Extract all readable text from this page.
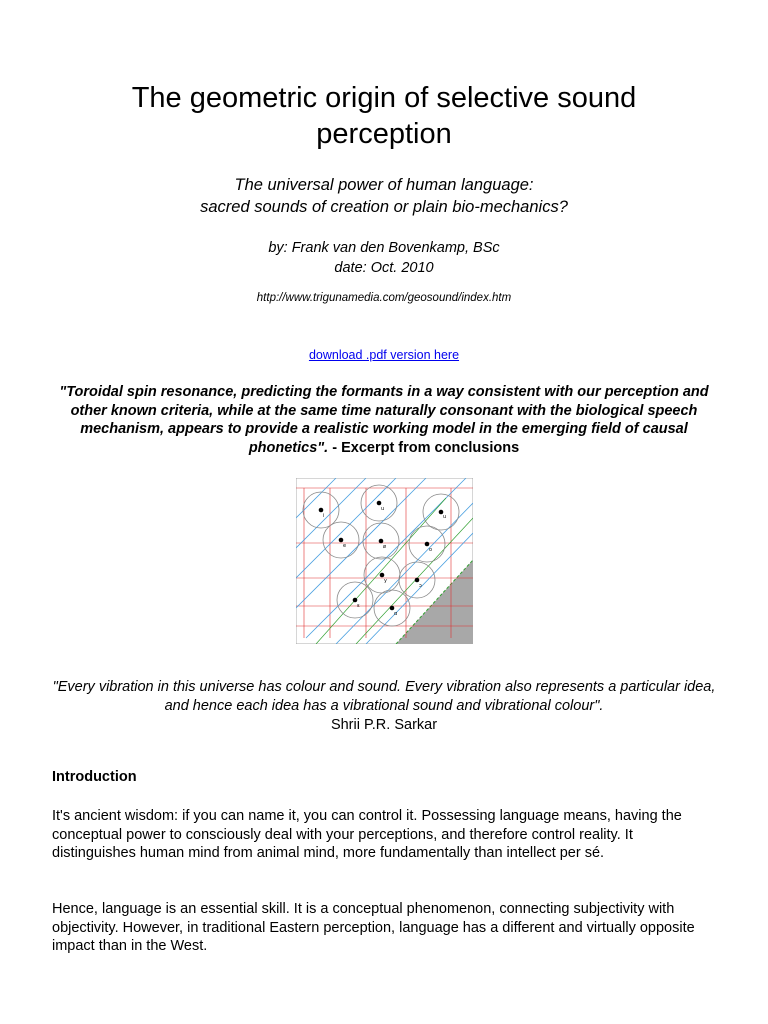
The geometric origin of selective sound perception
The universal power of human language:
sacred sounds of creation or plain bio-mechanics?
by: Frank van den Bovenkamp, BSc
date: Oct. 2010
http://www.trigunamedia.com/geosound/index.htm
download .pdf version here
"Toroidal spin resonance, predicting the formants in a way consistent with our perception and other known criteria, while at the same time naturally consonant with the biological speech mechanism, appears to provide a realistic working model in the emerging field of causal phonetics". - Excerpt from conclusions
i
u
u
e	ø	o
y
ɔ
ɛ
ɑ
"Every vibration in this universe has colour and sound. Every vibration also represents a particular idea, and hence each idea has a vibrational sound and vibrational colour".
Shrii P.R. Sarkar
Introduction
It's ancient wisdom: if you can name it, you can control it. Possessing language means, having the conceptual power to consciously deal with your perceptions, and therefore control reality. It distinguishes human mind from animal mind, more fundamentally than intellect per sé.
Hence, language is an essential skill. It is a conceptual phenomenon, connecting subjectivity with objectivity. However, in traditional Eastern perception, language has a different and virtually opposite impact than in the West.
